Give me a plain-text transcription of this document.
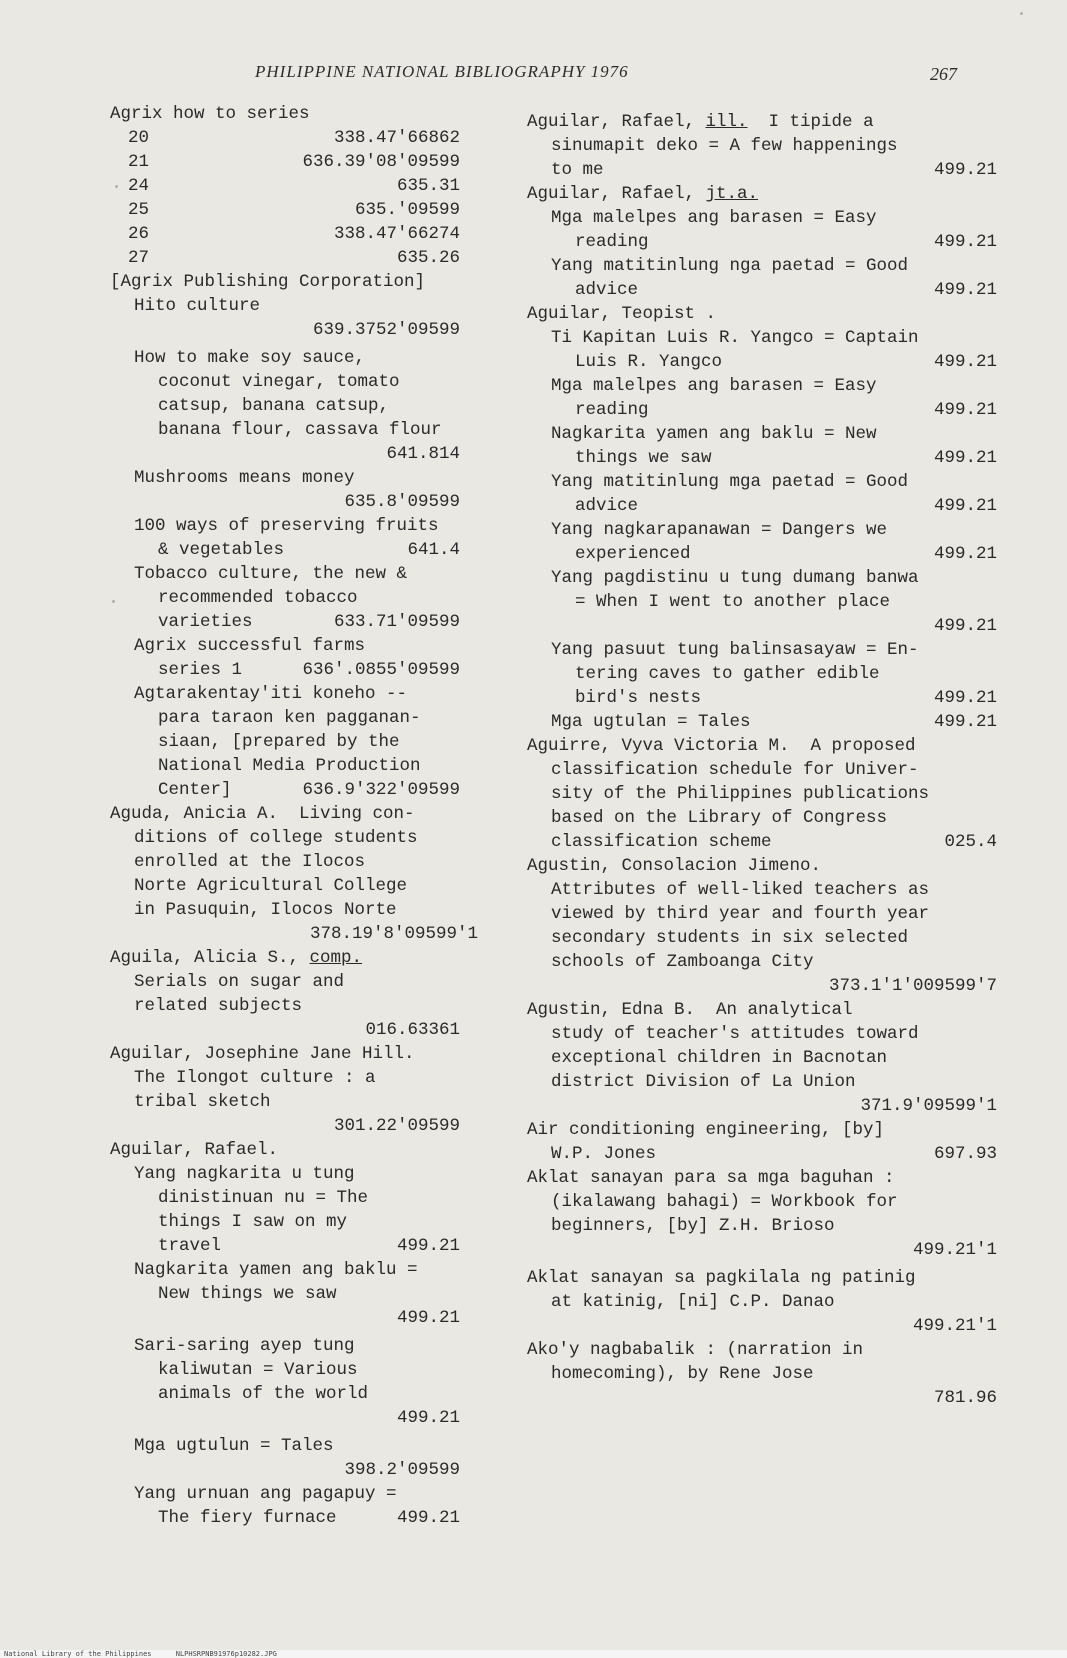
PHILIPPINE NATIONAL BIBLIOGRAPHY 1976	267
Agrix how to series
20	338.47'66862
21	636.39'08'09599
24	635.31
25	635.'09599
26	338.47'66274
27	635.26
[Agrix Publishing Corporation]
Hito culture
639.3752'09599
How to make soy sauce,
coconut vinegar, tomato
catsup, banana catsup,
banana flour, cassava flour
641.814
Mushrooms means money
635.8'09599
100 ways of preserving fruits
& vegetables	641.4
Tobacco culture, the new &
recommended tobacco
varieties	633.71'09599
Agrix successful farms
series 1	636'.0855'09599
Agtarakentay'iti koneho --
para taraon ken pagganan-
siaan, [prepared by the
National Media Production
Center]	636.9'322'09599
Aguda, Anicia A.  Living con-
ditions of college students
enrolled at the Ilocos
Norte Agricultural College
in Pasuquin, Ilocos Norte
378.19'8'09599'1
Aguila, Alicia S., comp.
Serials on sugar and
related subjects
016.63361
Aguilar, Josephine Jane Hill.
The Ilongot culture : a
tribal sketch
301.22'09599
Aguilar, Rafael.
Yang nagkarita u tung
dinistinuan nu = The
things I saw on my
travel	499.21
Nagkarita yamen ang baklu =
New things we saw
499.21
Sari-saring ayep tung
kaliwutan = Various
animals of the world
499.21
Mga ugtulun = Tales
398.2'09599
Yang urnuan ang pagapuy =
The fiery furnace	499.21
Aguilar, Rafael, ill.  I tipide a
sinumapit deko = A few happenings
to me	499.21
Aguilar, Rafael, jt.a.
Mga malelpes ang barasen = Easy
reading	499.21
Yang matitinlung nga paetad = Good
advice	499.21
Aguilar, Teopist .
Ti Kapitan Luis R. Yangco = Captain
Luis R. Yangco	499.21
Mga malelpes ang barasen = Easy
reading	499.21
Nagkarita yamen ang baklu = New
things we saw	499.21
Yang matitinlung mga paetad = Good
advice	499.21
Yang nagkarapanawan = Dangers we
experienced	499.21
Yang pagdistinu u tung dumang banwa
= When I went to another place
499.21
Yang pasuut tung balinsasayaw = En-
tering caves to gather edible
bird's nests	499.21
Mga ugtulan = Tales	499.21
Aguirre, Vyva Victoria M.  A proposed
classification schedule for Univer-
sity of the Philippines publications
based on the Library of Congress
classification scheme	025.4
Agustin, Consolacion Jimeno.
Attributes of well-liked teachers as
viewed by third year and fourth year
secondary students in six selected
schools of Zamboanga City
373.1'1'009599'7
Agustin, Edna B.  An analytical
study of teacher's attitudes toward
exceptional children in Bacnotan
district Division of La Union
371.9'09599'1
Air conditioning engineering, [by]
W.P. Jones	697.93
Aklat sanayan para sa mga baguhan :
(ikalawang bahagi) = Workbook for
beginners, [by] Z.H. Brioso
499.21'1
Aklat sanayan sa pagkilala ng patinig
at katinig, [ni] C.P. Danao
499.21'1
Ako'y nagbabalik : (narration in
homecoming), by Rene Jose
781.96
National Library of the Philippines	NLPHSRPNB91976p10282.JPG
